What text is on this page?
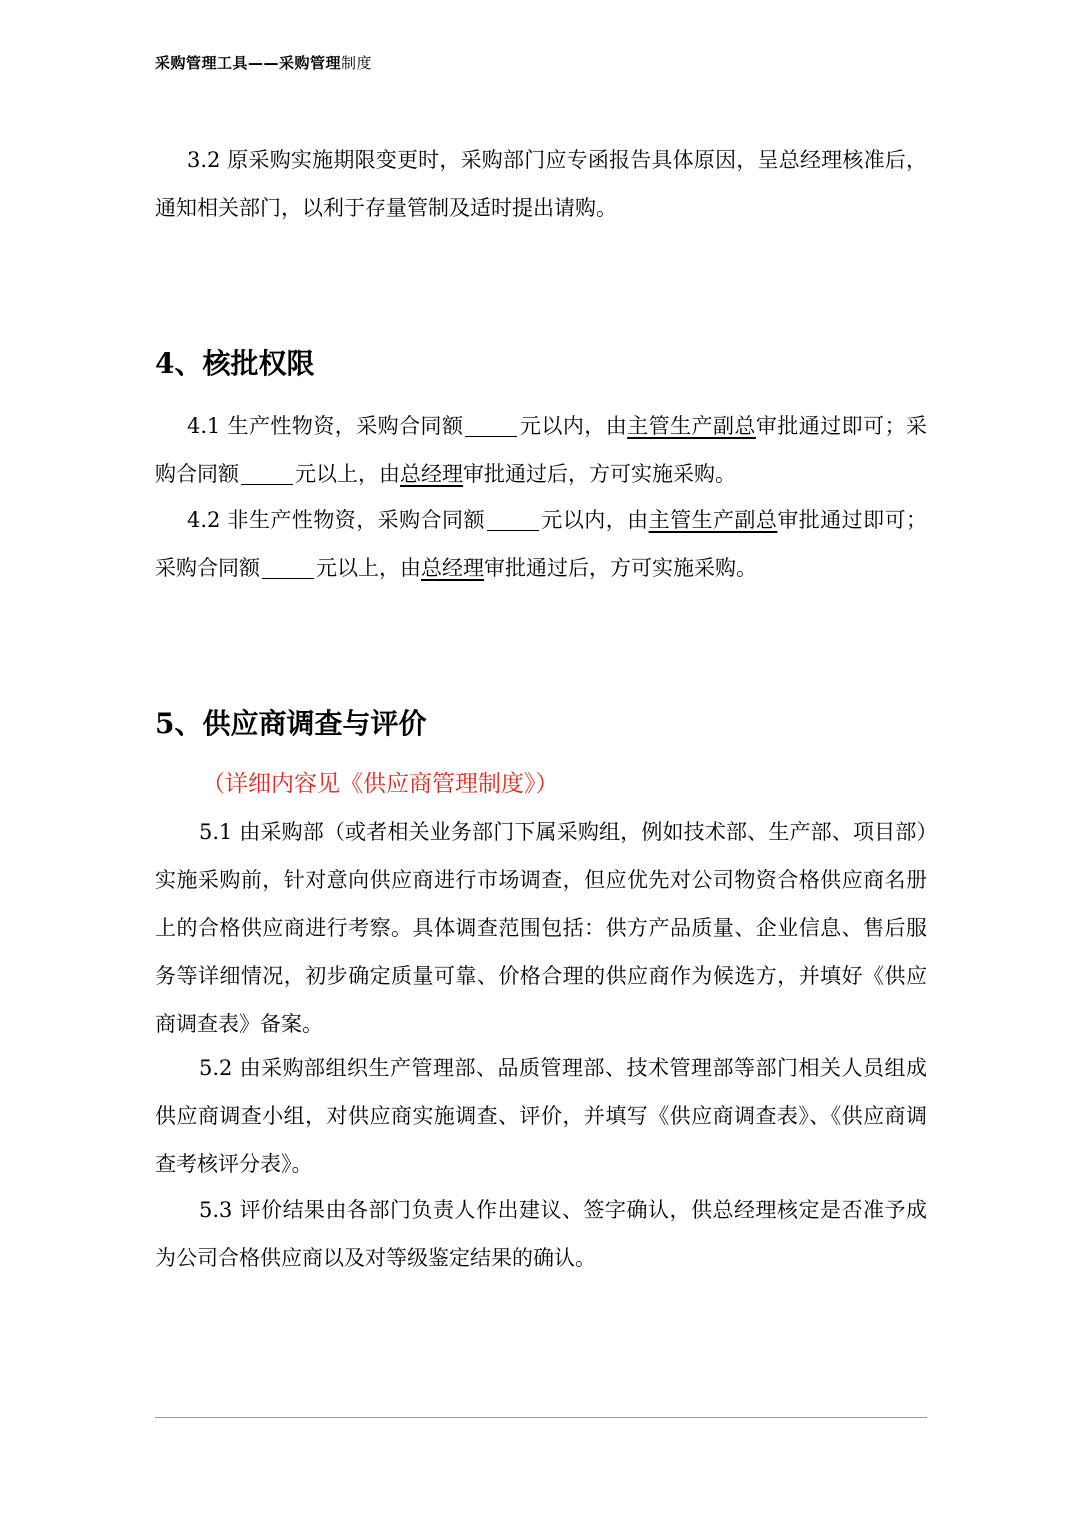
采购管理工具——采购管理制度

3.2 原采购实施期限变更时，采购部门应专函报告具体原因，呈总经理核准后，通知相关部门，以利于存量管制及适时提出请购。

4、核批权限

4.1 生产性物资，采购合同额	元以内，由主管生产副总审批通过即可；采购合同额	元以上，由总经理审批通过后，方可实施采购。

4.2 非生产性物资，采购合同额	元以内，由主管生产副总审批通过即可；采购合同额	元以上，由总经理审批通过后，方可实施采购。

5、供应商调查与评价

（详细内容见《供应商管理制度》）

5.1 由采购部（或者相关业务部门下属采购组，例如技术部、生产部、项目部）实施采购前，针对意向供应商进行市场调查，但应优先对公司物资合格供应商名册上的合格供应商进行考察。具体调查范围包括：供方产品质量、企业信息、售后服务等详细情况，初步确定质量可靠、价格合理的供应商作为候选方，并填好《供应商调查表》备案。

5.2 由采购部组织生产管理部、品质管理部、技术管理部等部门相关人员组成供应商调查小组，对供应商实施调查、评价，并填写《供应商调查表》、《供应商调查考核评分表》。

5.3 评价结果由各部门负责人作出建议、签字确认，供总经理核定是否准予成为公司合格供应商以及对等级鉴定结果的确认。
